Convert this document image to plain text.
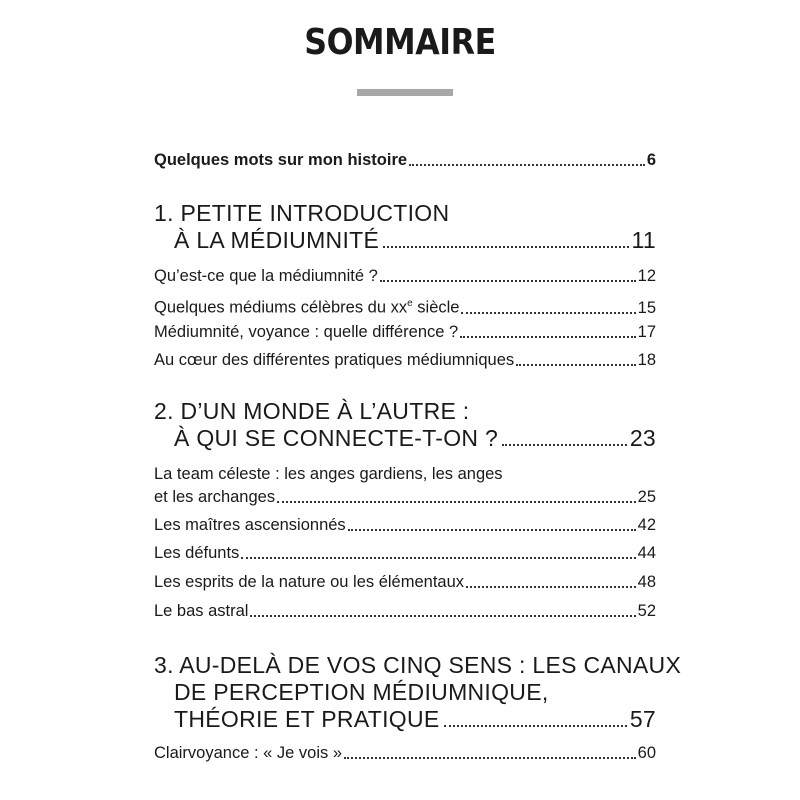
SOMMAIRE
Quelques mots sur mon histoire	6
1. PETITE INTRODUCTION
À LA MÉDIUMNITÉ	11
Qu’est-ce que la médiumnité ?	12
Quelques médiums célèbres du $xx^e$ siècle	15
Médiumnité, voyance : quelle différence ?	17
Au cœur des différentes pratiques médiumniques	18
2. D’UN MONDE À L’AUTRE :
À QUI SE CONNECTE-T-ON ?	23
La team céleste : les anges gardiens, les anges
et les archanges	25
Les maîtres ascensionnés	42
Les défunts	44
Les esprits de la nature ou les élémentaux	48
Le bas astral	52
3. AU-DELÀ DE VOS CINQ SENS : LES CANAUX
DE PERCEPTION MÉDIUMNIQUE,
THÉORIE ET PRATIQUE	57
Clairvoyance : « Je vois »	60
